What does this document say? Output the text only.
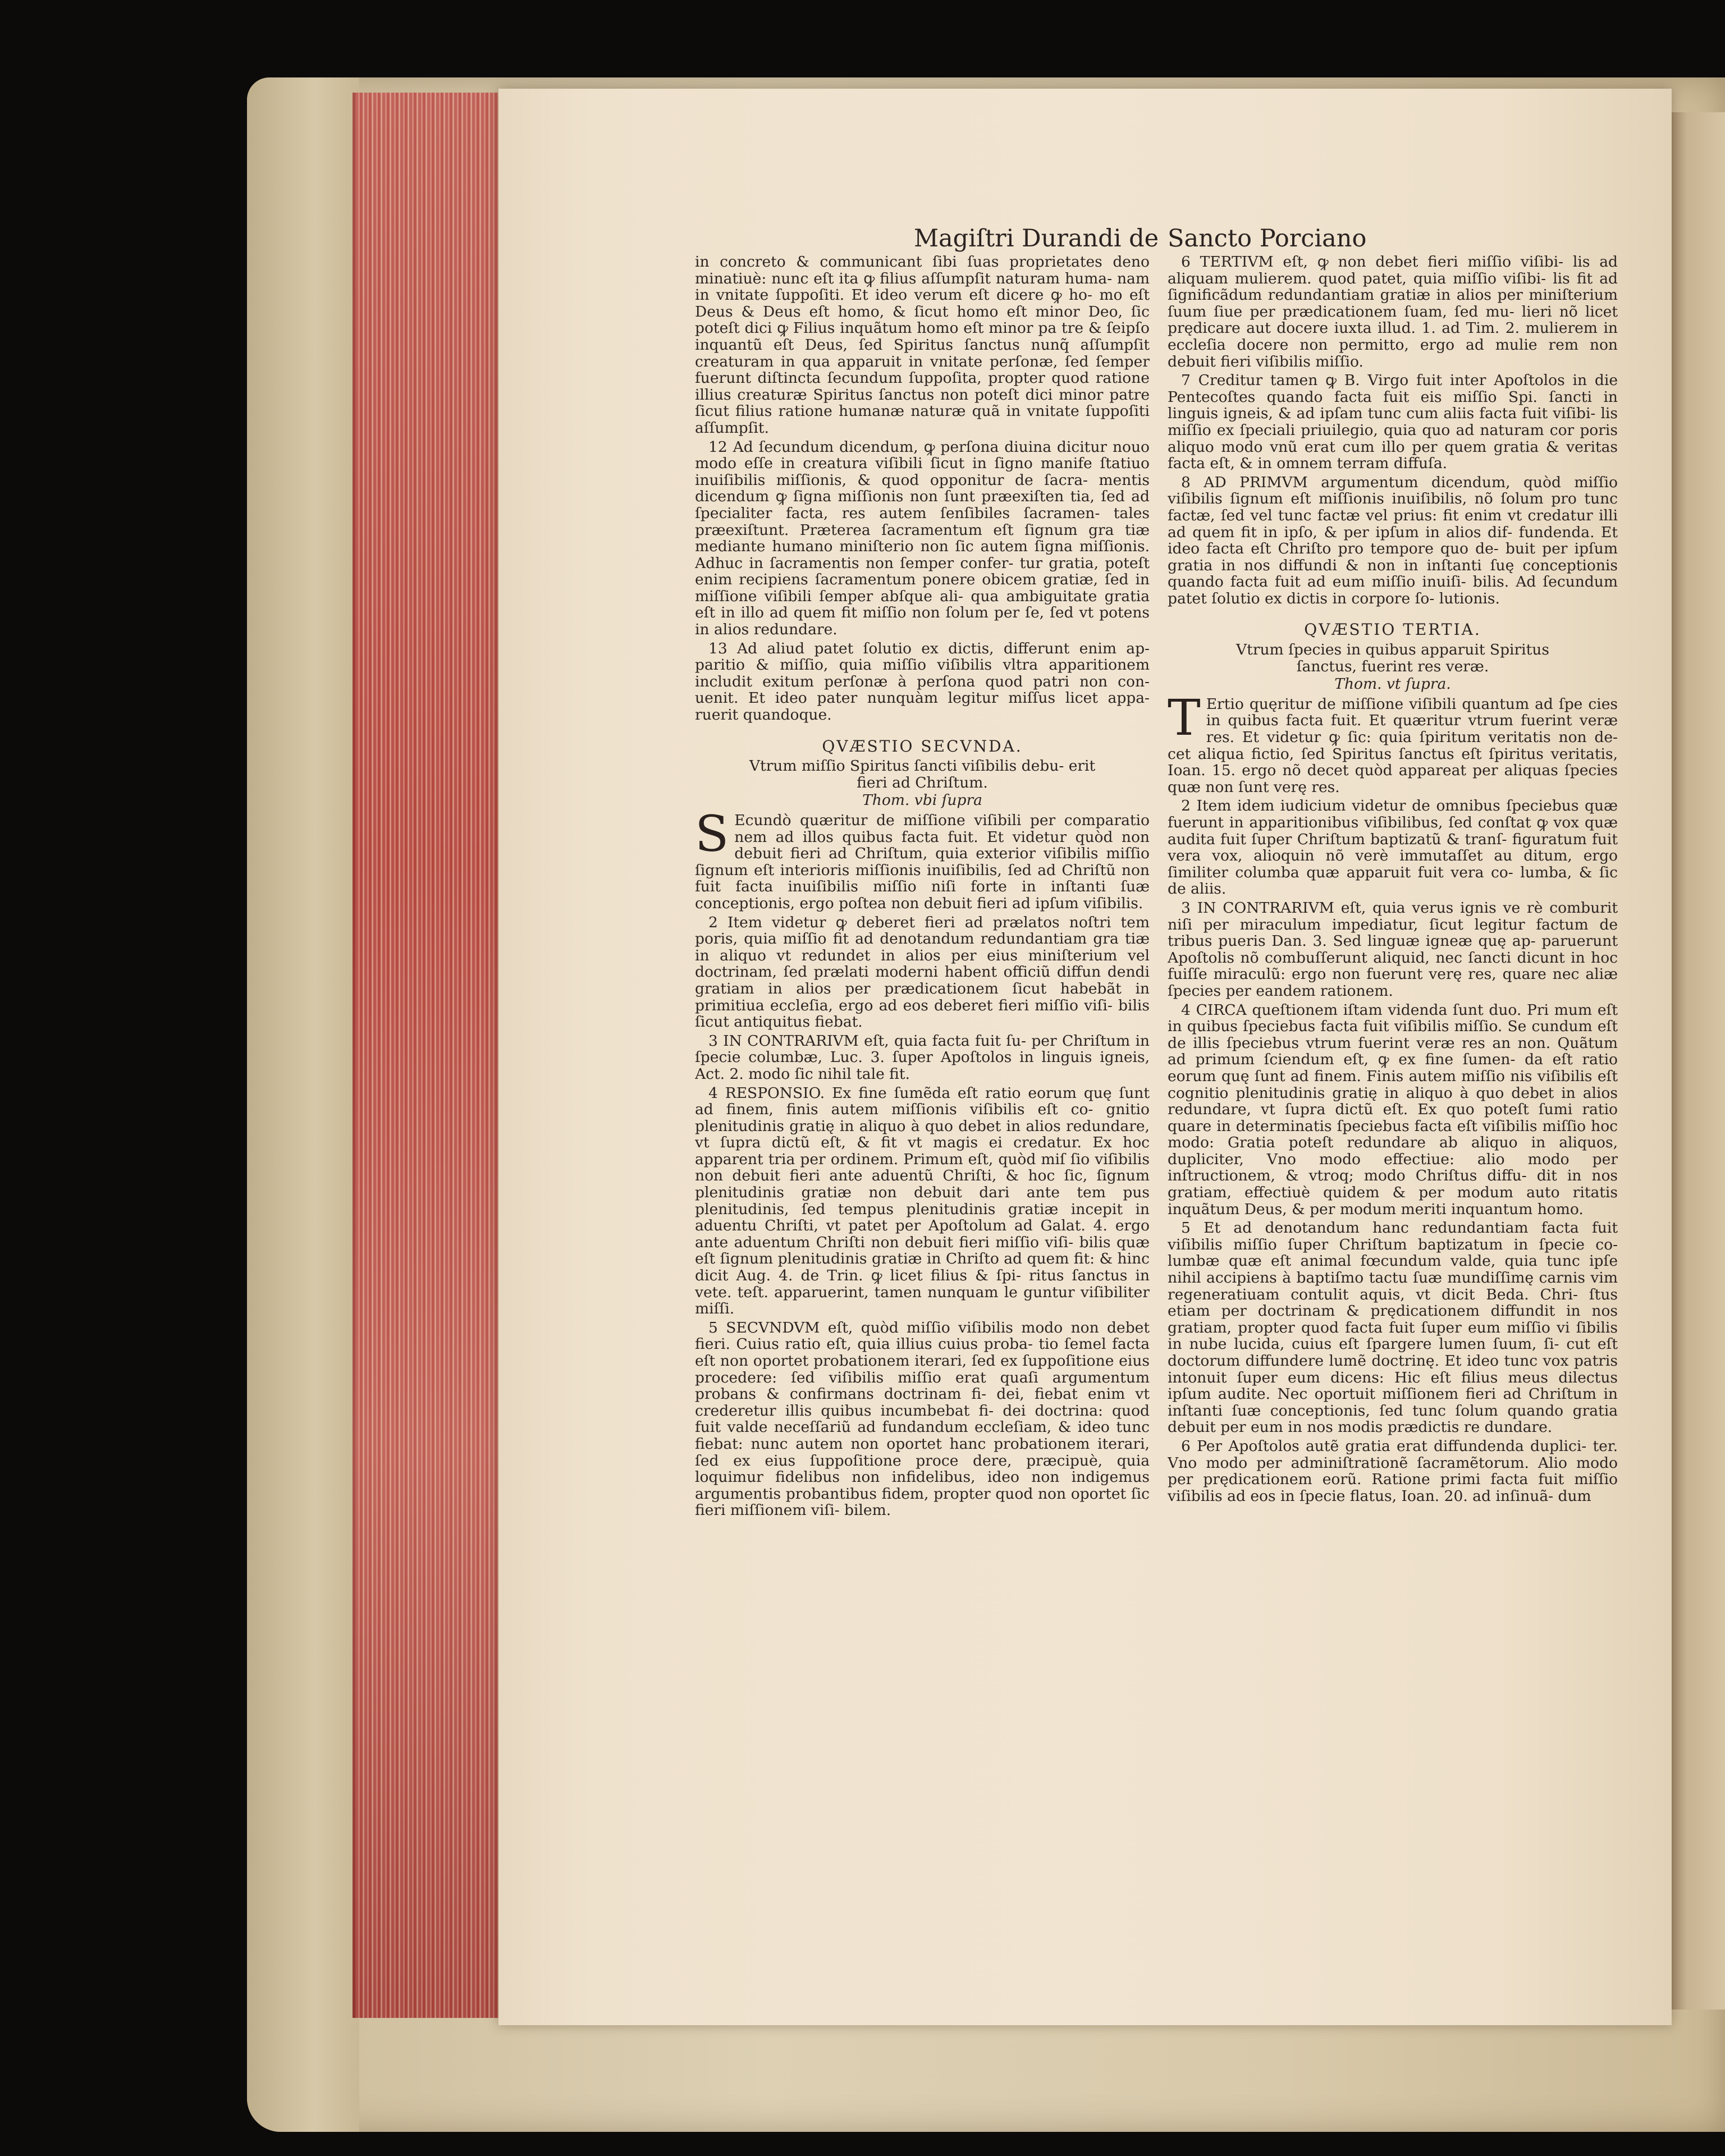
Magiſtri Durandi de Sancto Porciano

in concreto & communicant ſibi ſuas proprietates deno minatiuè: nunc eſt ita ꝙ filius aſſumpſit naturam huma‑ nam in vnitate ſuppoſiti. Et ideo verum eſt dicere ꝙ ho‑ mo eſt Deus & Deus eſt homo, & ſicut homo eſt minor Deo, ſic poteſt dici ꝙ Filius inquãtum homo eſt minor pa tre & ſeipſo inquantũ eſt Deus, ſed Spiritus ſanctus nunq̃ aſſumpſit creaturam in qua apparuit in vnitate perſonæ, ſed ſemper fuerunt diſtincta ſecundum ſuppoſita, propter quod ratione illius creaturæ Spiritus ſanctus non poteſt dici minor patre ſicut filius ratione humanæ naturæ quã in vnitate ſuppoſiti aſſumpſit.

12 Ad ſecundum dicendum, ꝙ perſona diuina dicitur nouo modo eſſe in creatura viſibili ſicut in ſigno manife ſtatiuo inuiſibilis miſſionis, & quod opponitur de ſacra‑ mentis dicendum ꝙ ſigna miſſionis non ſunt præexiſten tia, ſed ad ſpecialiter facta, res autem ſenſibiles ſacramen‑ tales præexiſtunt. Præterea ſacramentum eſt ſignum gra tiæ mediante humano miniſterio non ſic autem ſigna miſſionis. Adhuc in ſacramentis non ſemper confer‑ tur gratia, poteſt enim recipiens ſacramentum ponere obicem gratiæ, ſed in miſſione viſibili ſemper abſque ali‑ qua ambiguitate gratia eſt in illo ad quem fit miſſio non ſolum per ſe, ſed vt potens in alios redundare.

13 Ad aliud patet ſolutio ex dictis, differunt enim ap‑ paritio & miſſio, quia miſſio viſibilis vltra apparitionem includit exitum perſonæ à perſona quod patri non con‑ uenit. Et ideo pater nunquàm legitur miſſus licet appa‑ ruerit quandoque.

QVÆSTIO SECVNDA.
Vtrum miſſio Spiritus ſancti viſibilis debu‑ erit fieri ad Chriſtum.
Thom. vbi ſupra

S Ecundò quæritur de miſſione viſibili per comparatio nem ad illos quibus facta fuit. Et videtur quòd non debuit fieri ad Chriſtum, quia exterior viſibilis miſſio ſignum eſt interioris miſſionis inuiſibilis, ſed ad Chriſtũ non fuit facta inuiſibilis miſſio niſi forte in inſtanti ſuæ conceptionis, ergo poſtea non debuit fieri ad ipſum viſibilis.

2 Item videtur ꝙ deberet fieri ad prælatos noſtri tem poris, quia miſſio fit ad denotandum redundantiam gra tiæ in aliquo vt redundet in alios per eius miniſterium vel doctrinam, ſed prælati moderni habent officiũ diffun dendi gratiam in alios per prædicationem ſicut habebãt in primitiua eccleſia, ergo ad eos deberet fieri miſſio viſi‑ bilis ſicut antiquitus fiebat.

3 IN CONTRARIVM eſt, quia facta fuit ſu‑ per Chriſtum in ſpecie columbæ, Luc. 3. ſuper Apoſtolos in linguis igneis, Act. 2. modo ſic nihil tale fit.

4 RESPONSIO. Ex fine ſumẽda eſt ratio eorum quę ſunt ad finem, finis autem miſſionis viſibilis eſt co‑ gnitio plenitudinis gratię in aliquo à quo debet in alios redundare, vt ſupra dictũ eſt, & fit vt magis ei credatur. Ex hoc apparent tria per ordinem. Primum eſt, quòd miſ ſio viſibilis non debuit fieri ante aduentũ Chriſti, & hoc ſic, ſignum plenitudinis gratiæ non debuit dari ante tem pus plenitudinis, ſed tempus plenitudinis gratiæ incepit in aduentu Chriſti, vt patet per Apoſtolum ad Galat. 4. ergo ante aduentum Chriſti non debuit fieri miſſio viſi‑ bilis quæ eſt ſignum plenitudinis gratiæ in Chriſto ad quem fit: & hinc dicit Aug. 4. de Trin. ꝙ licet filius & ſpi‑ ritus ſanctus in vete. teſt. apparuerint, tamen nunquam le guntur viſibiliter miſſi.

5 SECVNDVM eſt, quòd miſſio viſibilis modo non debet fieri. Cuius ratio eſt, quia illius cuius proba‑ tio ſemel facta eſt non oportet probationem iterari, ſed ex ſuppoſitione eius procedere: ſed viſibilis miſſio erat quaſi argumentum probans & confirmans doctrinam fi‑ dei, fiebat enim vt crederetur illis quibus incumbebat fi‑ dei doctrina: quod fuit valde neceſſariũ ad fundandum eccleſiam, & ideo tunc fiebat: nunc autem non oportet hanc probationem iterari, ſed ex eius ſuppoſitione proce dere, præcipuè, quia loquimur fidelibus non infidelibus, ideo non indigemus argumentis probantibus fidem, propter quod non oportet ſic fieri miſſionem viſi‑ bilem.

6 TERTIVM eſt, ꝙ non debet fieri miſſio viſibi‑ lis ad aliquam mulierem. quod patet, quia miſſio viſibi‑ lis fit ad ſignificãdum redundantiam gratiæ in alios per miniſterium ſuum ſiue per prædicationem ſuam, ſed mu‑ lieri nõ licet prędicare aut docere iuxta illud. 1. ad Tim. 2. mulierem in eccleſia docere non permitto, ergo ad mulie rem non debuit fieri viſibilis miſſio.

7 Creditur tamen ꝙ B. Virgo fuit inter Apoſtolos in die Pentecoſtes quando facta fuit eis miſſio Spi. ſancti in linguis igneis, & ad ipſam tunc cum aliis facta fuit viſibi‑ lis miſſio ex ſpeciali priuilegio, quia quo ad naturam cor poris aliquo modo vnũ erat cum illo per quem gratia & veritas facta eſt, & in omnem terram diffuſa.

8 AD PRIMVM argumentum dicendum, quòd miſſio viſibilis ſignum eſt miſſionis inuiſibilis, nõ ſolum pro tunc factæ, ſed vel tunc factæ vel prius: fit enim vt credatur illi ad quem fit in ipſo, & per ipſum in alios dif‑ fundenda. Et ideo facta eſt Chriſto pro tempore quo de‑ buit per ipſum gratia in nos diffundi & non in inſtanti ſuę conceptionis quando facta fuit ad eum miſſio inuiſi‑ bilis. Ad ſecundum patet ſolutio ex dictis in corpore ſo‑ lutionis.

QVÆSTIO TERTIA.
Vtrum ſpecies in quibus apparuit Spiritus ſanctus, fuerint res veræ.
Thom. vt ſupra.

T Ertio quęritur de miſſione viſibili quantum ad ſpe cies in quibus facta fuit. Et quæritur vtrum fuerint veræ res. Et videtur ꝙ ſic: quia ſpiritum veritatis non de‑ cet aliqua fictio, ſed Spiritus ſanctus eſt ſpiritus veritatis, Ioan. 15. ergo nõ decet quòd appareat per aliquas ſpecies quæ non ſunt verę res.

2 Item idem iudicium videtur de omnibus ſpeciebus quæ fuerunt in apparitionibus viſibilibus, ſed conſtat ꝙ vox quæ audita fuit ſuper Chriſtum baptizatũ & tranſ‑ figuratum fuit vera vox, alioquin nõ verè immutaſſet au ditum, ergo ſimiliter columba quæ apparuit fuit vera co‑ lumba, & ſic de aliis.

3 IN CONTRARIVM eſt, quia verus ignis ve rè comburit niſi per miraculum impediatur, ſicut legitur factum de tribus pueris Dan. 3. Sed linguæ igneæ quę ap‑ paruerunt Apoſtolis nõ combuſſerunt aliquid, nec ſancti dicunt in hoc fuiſſe miraculũ: ergo non fuerunt verę res, quare nec aliæ ſpecies per eandem rationem.

4 CIRCA queſtionem iſtam videnda ſunt duo. Pri mum eſt in quibus ſpeciebus facta fuit viſibilis miſſio. Se cundum eſt de illis ſpeciebus vtrum fuerint veræ res an non. Quãtum ad primum ſciendum eſt, ꝙ ex fine ſumen‑ da eſt ratio eorum quę ſunt ad finem. Finis autem miſſio nis viſibilis eſt cognitio plenitudinis gratię in aliquo à quo debet in alios redundare, vt ſupra dictũ eſt. Ex quo poteſt ſumi ratio quare in determinatis ſpeciebus facta eſt viſibilis miſſio hoc modo: Gratia poteſt redundare ab aliquo in aliquos, dupliciter, Vno modo effectiue: alio modo per inſtructionem, & vtroq; modo Chriſtus diffu‑ dit in nos gratiam, effectiuè quidem & per modum auto ritatis inquãtum Deus, & per modum meriti inquantum homo.

5 Et ad denotandum hanc redundantiam facta fuit viſibilis miſſio ſuper Chriſtum baptizatum in ſpecie co‑ lumbæ quæ eſt animal fœcundum valde, quia tunc ipſe nihil accipiens à baptiſmo tactu ſuæ mundiſſimę carnis vim regeneratiuam contulit aquis, vt dicit Beda. Chri‑ ſtus etiam per doctrinam & prędicationem diffundit in nos gratiam, propter quod facta fuit ſuper eum miſſio vi ſibilis in nube lucida, cuius eſt ſpargere lumen ſuum, ſi‑ cut eſt doctorum diffundere lumẽ doctrinę. Et ideo tunc vox patris intonuit ſuper eum dicens: Hic eſt filius meus dilectus ipſum audite. Nec oportuit miſſionem fieri ad Chriſtum in inſtanti ſuæ conceptionis, ſed tunc ſolum quando gratia debuit per eum in nos modis prædictis re dundare.

6 Per Apoſtolos autẽ gratia erat diffundenda duplici‑ ter. Vno modo per adminiſtrationẽ ſacramẽtorum. Alio modo per prędicationem eorũ. Ratione primi facta fuit miſſio viſibilis ad eos in ſpecie flatus, Ioan. 20. ad inſinuã‑ dum
